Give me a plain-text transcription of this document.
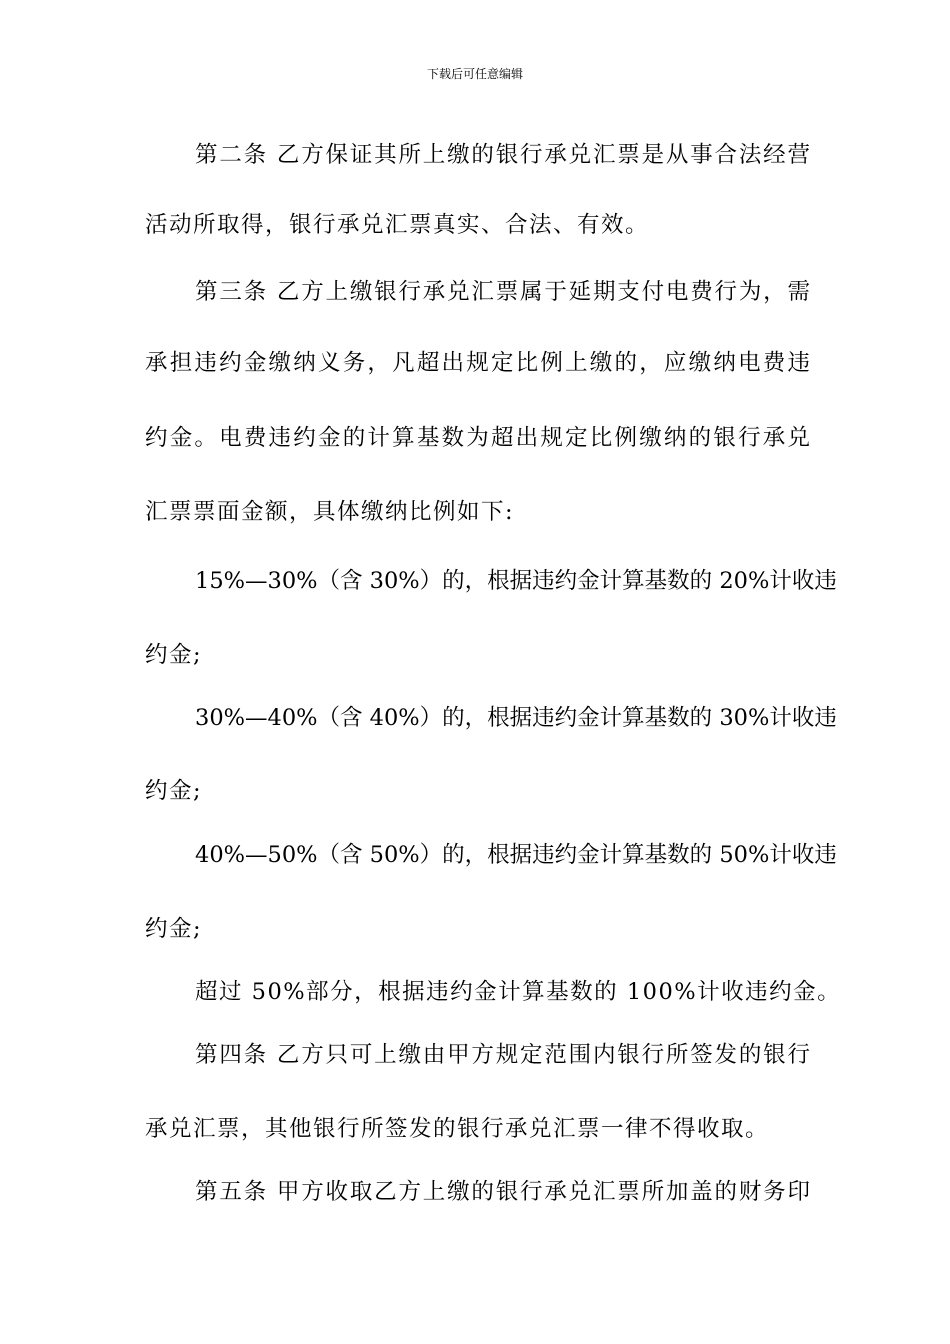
下载后可任意编辑
第二条 乙方保证其所上缴的银行承兑汇票是从事合法经营
活动所取得，银行承兑汇票真实、合法、有效。
第三条 乙方上缴银行承兑汇票属于延期支付电费行为，需
承担违约金缴纳义务，凡超出规定比例上缴的，应缴纳电费违
约金。电费违约金的计算基数为超出规定比例缴纳的银行承兑
汇票票面金额，具体缴纳比例如下:
15%—30%（含 30%）的，根据违约金计算基数的 20%计收违
约金;
30%—40%（含 40%）的，根据违约金计算基数的 30%计收违
约金;
40%—50%（含 50%）的，根据违约金计算基数的 50%计收违
约金;
超过 50%部分，根据违约金计算基数的 100%计收违约金。
第四条 乙方只可上缴由甲方规定范围内银行所签发的银行
承兑汇票，其他银行所签发的银行承兑汇票一律不得收取。
第五条 甲方收取乙方上缴的银行承兑汇票所加盖的财务印
